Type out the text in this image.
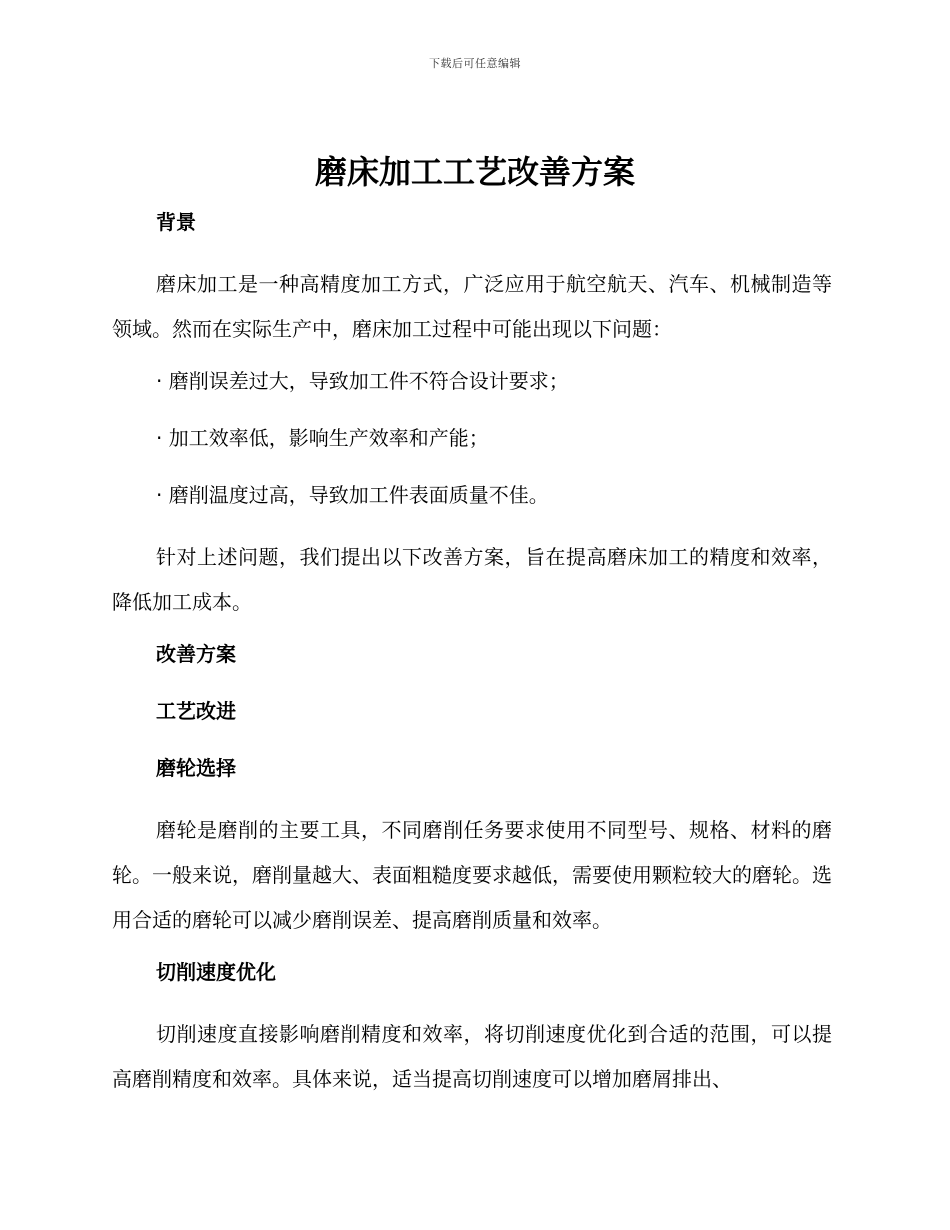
下载后可任意编辑
磨床加工工艺改善方案

背景

磨床加工是一种高精度加工方式，广泛应用于航空航天、汽车、机械制造等领域。然而在实际生产中，磨床加工过程中可能出现以下问题：

· 磨削误差过大，导致加工件不符合设计要求；

· 加工效率低，影响生产效率和产能；

· 磨削温度过高，导致加工件表面质量不佳。

针对上述问题，我们提出以下改善方案，旨在提高磨床加工的精度和效率，降低加工成本。

改善方案

工艺改进

磨轮选择

磨轮是磨削的主要工具，不同磨削任务要求使用不同型号、规格、材料的磨轮。一般来说，磨削量越大、表面粗糙度要求越低，需要使用颗粒较大的磨轮。选用合适的磨轮可以减少磨削误差、提高磨削质量和效率。

切削速度优化

切削速度直接影响磨削精度和效率，将切削速度优化到合适的范围，可以提高磨削精度和效率。具体来说，适当提高切削速度可以增加磨屑排出、
